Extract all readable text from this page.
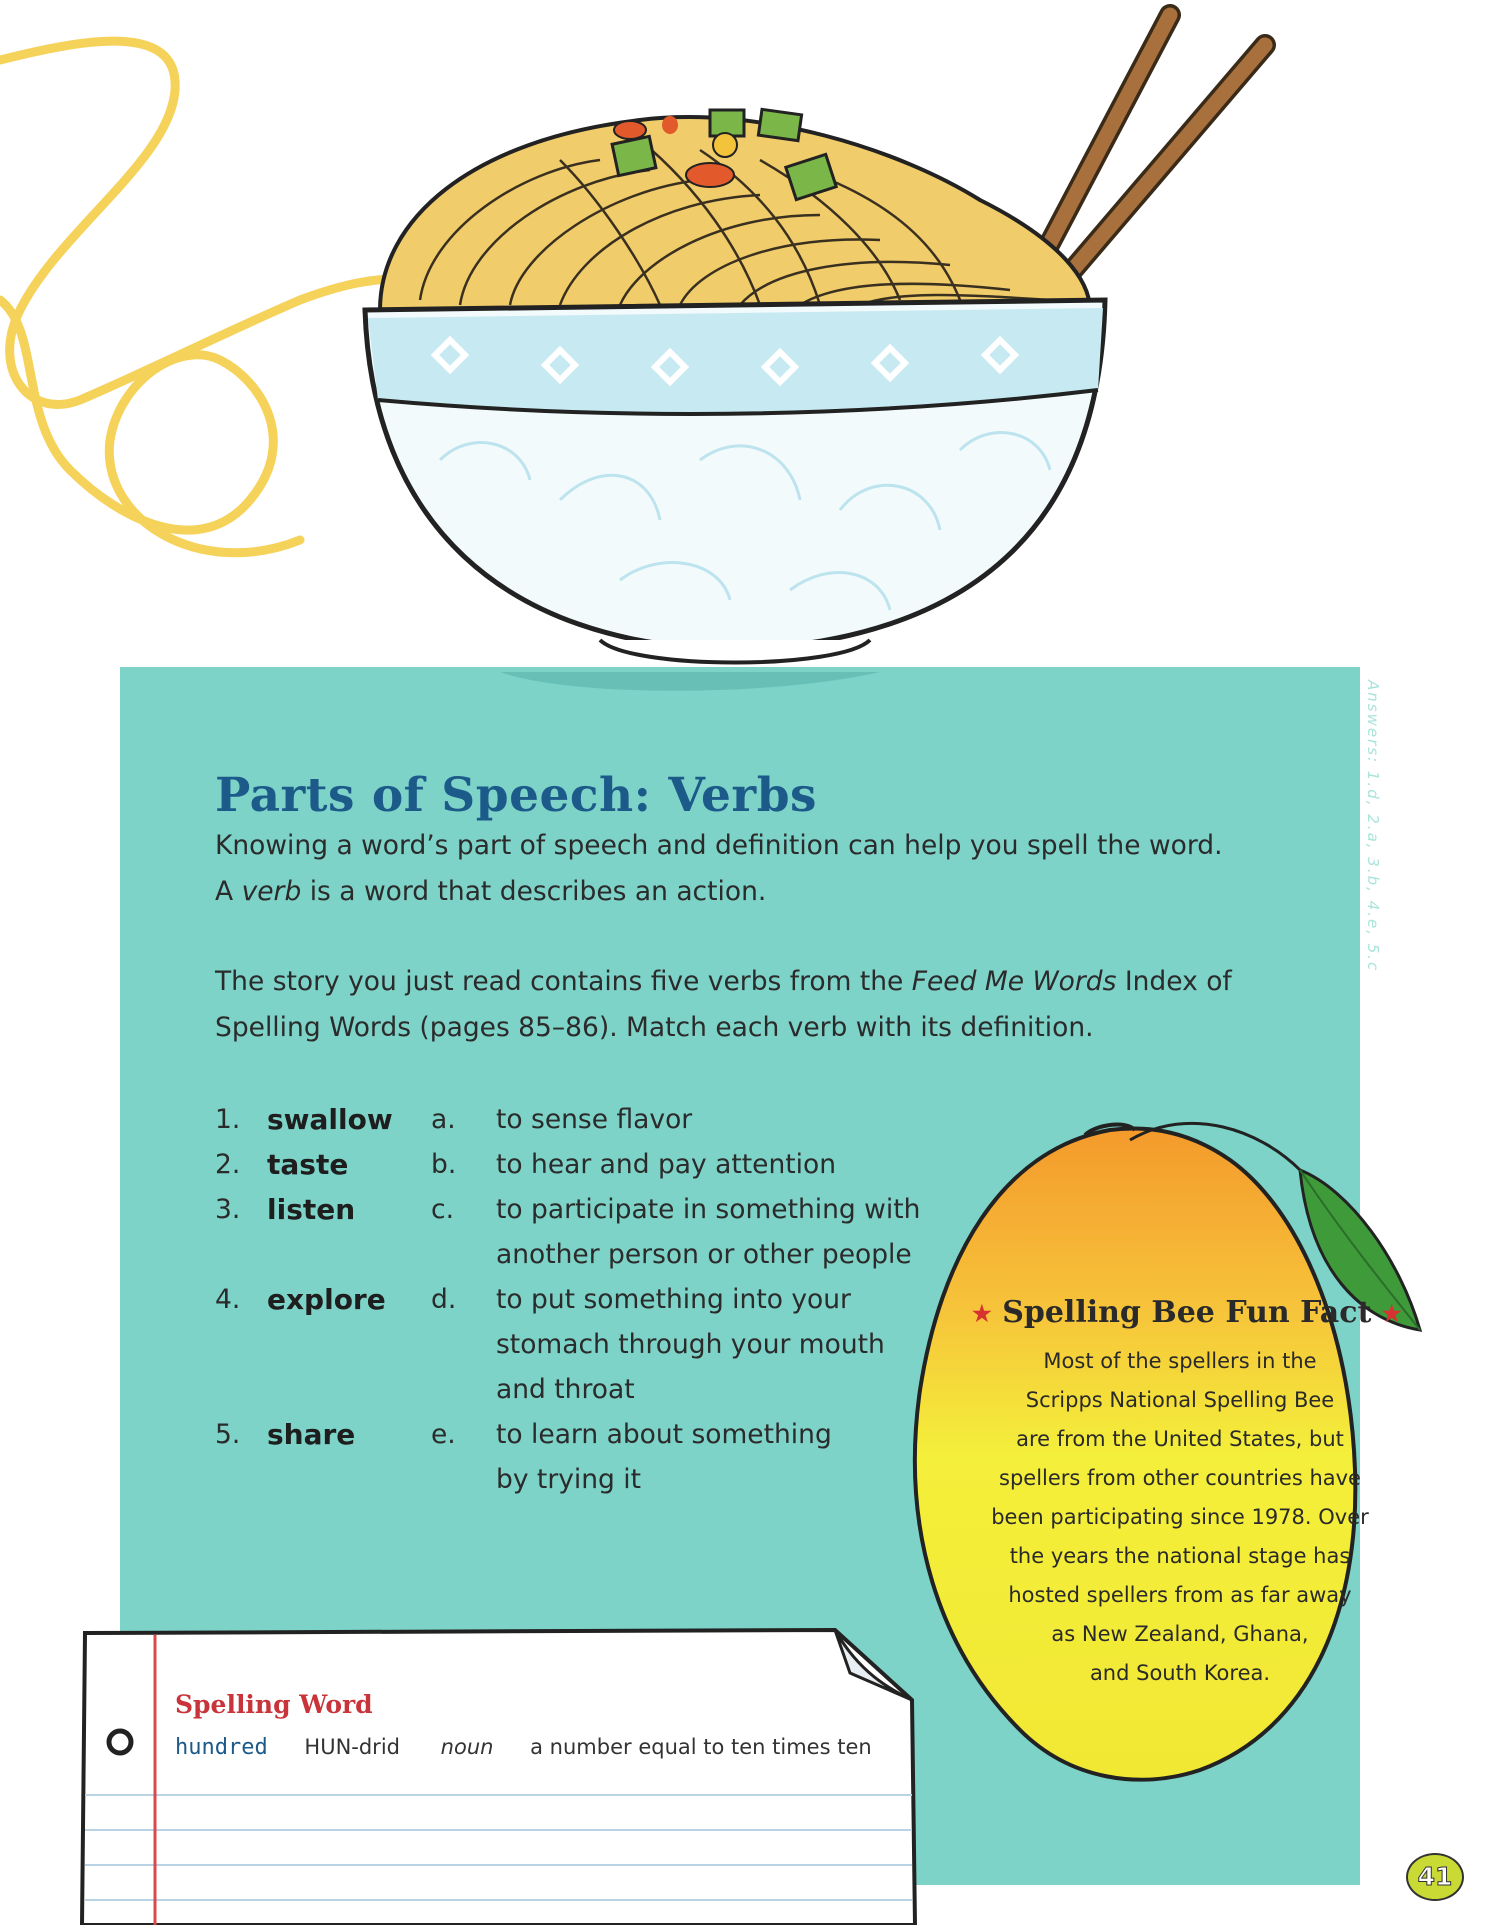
Answers: 1.d, 2.a, 3.b, 4.e, 5.c
Parts of Speech: Verbs

Knowing a word’s part of speech and definition can help you spell the word.
A verb is a word that describes an action.

The story you just read contains five verbs from the Feed Me Words Index of Spelling Words (pages 85–86). Match each verb with its definition.

1. swallow	a.	to sense flavor
2. taste	b.	to hear and pay attention
3. listen	c.	to participate in something with
another person or other people
4. explore	d.	to put something into your
stomach through your mouth
and throat
5. share	e.	to learn about something
by trying it
★ Spelling Bee Fun Fact ★
Most of the spellers in the
Scripps National Spelling Bee
are from the United States, but
spellers from other countries have
been participating since 1978. Over
the years the national stage has
hosted spellers from as far away
as New Zealand, Ghana,
and South Korea.
Spelling Word
hundred HUN-drid noun a number equal to ten times ten
41
